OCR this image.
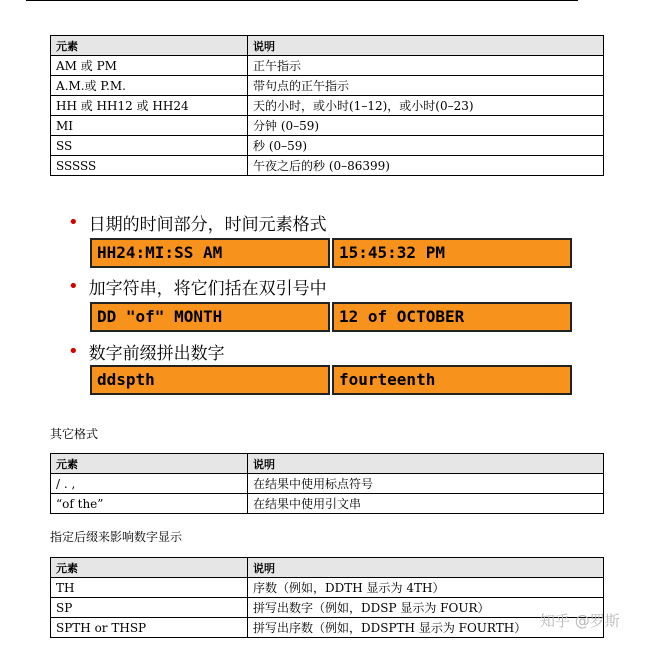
元素	说明
AM 或 PM	正午指示
A.M.或 P.M.	带句点的正午指示
HH 或 HH12 或 HH24	天的小时，或小时(1–12)，或小时(0–23)
MI	分钟 (0–59)
SS	秒 (0–59)
SSSSS	午夜之后的秒 (0–86399)
• 日期的时间部分，时间元素格式
HH24:MI:SS AM	15:45:32 PM
• 加字符串，将它们括在双引号中
DD "of" MONTH	12 of OCTOBER
• 数字前缀拼出数字
ddspth	fourteenth
其它格式
元素	说明
/ . ,	在结果中使用标点符号
“of the”	在结果中使用引文串
指定后缀来影响数字显示
元素	说明
TH	序数（例如，DDTH 显示为 4TH）
SP	拼写出数字（例如，DDSP 显示为 FOUR）
SPTH or THSP	拼写出序数（例如，DDSPTH 显示为 FOURTH） 知乎 @罗斯
